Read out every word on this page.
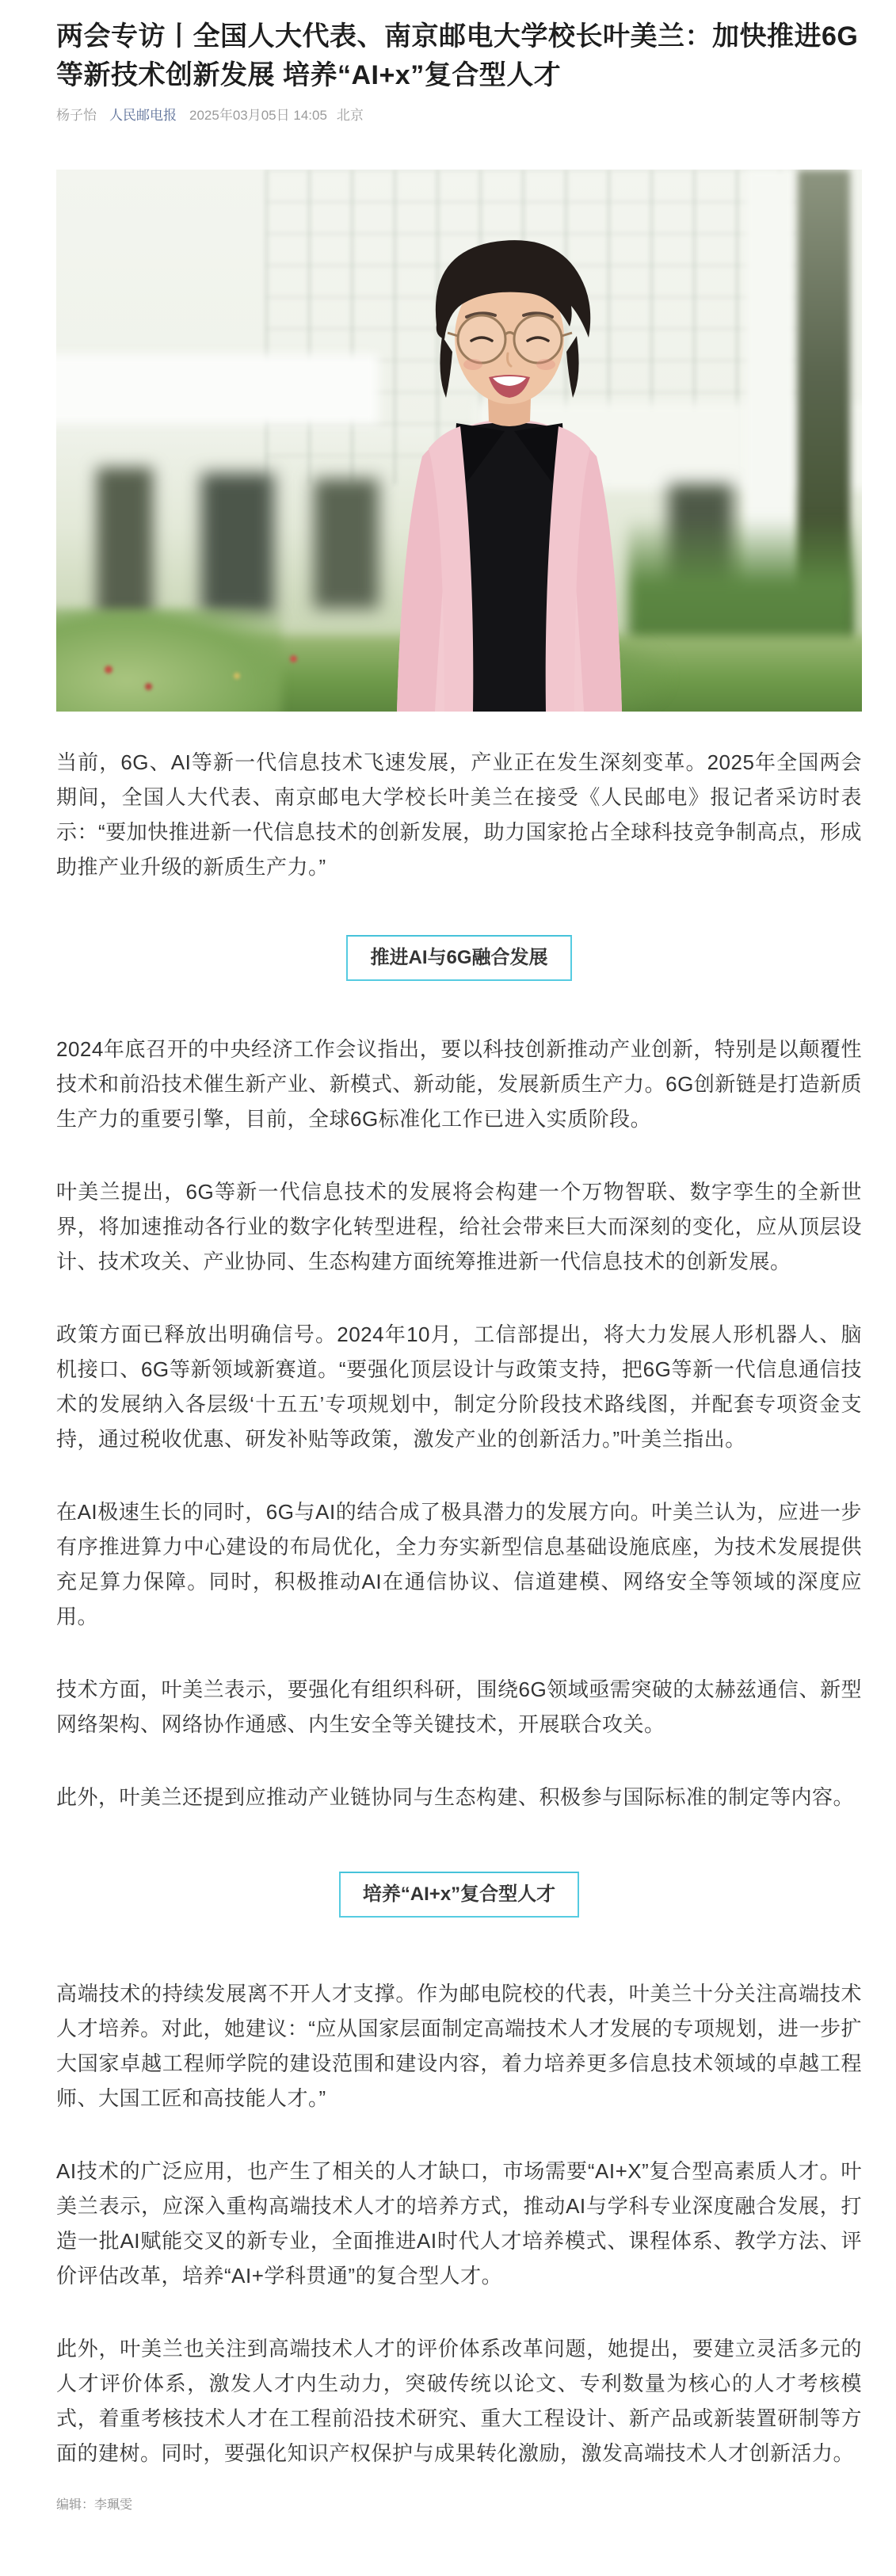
两会专访丨全国人大代表、南京邮电大学校长叶美兰：加快推进6G等新技术创新发展 培养“AI+x”复合型人才
杨子怡 人民邮电报 2025年03月05日 14:05 北京

当前，6G、AI等新一代信息技术飞速发展，产业正在发生深刻变革。2025年全国两会期间，全国人大代表、南京邮电大学校长叶美兰在接受《人民邮电》报记者采访时表示：“要加快推进新一代信息技术的创新发展，助力国家抢占全球科技竞争制高点，形成助推产业升级的新质生产力。”

推进AI与6G融合发展

2024年底召开的中央经济工作会议指出，要以科技创新推动产业创新，特别是以颠覆性技术和前沿技术催生新产业、新模式、新动能，发展新质生产力。6G创新链是打造新质生产力的重要引擎，目前，全球6G标准化工作已进入实质阶段。

叶美兰提出，6G等新一代信息技术的发展将会构建一个万物智联、数字孪生的全新世界，将加速推动各行业的数字化转型进程，给社会带来巨大而深刻的变化，应从顶层设计、技术攻关、产业协同、生态构建方面统筹推进新一代信息技术的创新发展。

政策方面已释放出明确信号。2024年10月，工信部提出，将大力发展人形机器人、脑机接口、6G等新领域新赛道。“要强化顶层设计与政策支持，把6G等新一代信息通信技术的发展纳入各层级‘十五五’专项规划中，制定分阶段技术路线图，并配套专项资金支持，通过税收优惠、研发补贴等政策，激发产业的创新活力。”叶美兰指出。

在AI极速生长的同时，6G与AI的结合成了极具潜力的发展方向。叶美兰认为，应进一步有序推进算力中心建设的布局优化，全力夯实新型信息基础设施底座，为技术发展提供充足算力保障。同时，积极推动AI在通信协议、信道建模、网络安全等领域的深度应用。

技术方面，叶美兰表示，要强化有组织科研，围绕6G领域亟需突破的太赫兹通信、新型网络架构、网络协作通感、内生安全等关键技术，开展联合攻关。

此外，叶美兰还提到应推动产业链协同与生态构建、积极参与国际标准的制定等内容。

培养“AI+x”复合型人才

高端技术的持续发展离不开人才支撑。作为邮电院校的代表，叶美兰十分关注高端技术人才培养。对此，她建议：“应从国家层面制定高端技术人才发展的专项规划，进一步扩大国家卓越工程师学院的建设范围和建设内容，着力培养更多信息技术领域的卓越工程师、大国工匠和高技能人才。”

AI技术的广泛应用，也产生了相关的人才缺口，市场需要“AI+X”复合型高素质人才。叶美兰表示，应深入重构高端技术人才的培养方式，推动AI与学科专业深度融合发展，打造一批AI赋能交叉的新专业，全面推进AI时代人才培养模式、课程体系、教学方法、评价评估改革，培养“AI+学科贯通”的复合型人才。

此外，叶美兰也关注到高端技术人才的评价体系改革问题，她提出，要建立灵活多元的人才评价体系，激发人才内生动力，突破传统以论文、专利数量为核心的人才考核模式，着重考核技术人才在工程前沿技术研究、重大工程设计、新产品或新装置研制等方面的建树。同时，要强化知识产权保护与成果转化激励，激发高端技术人才创新活力。

编辑：李珮雯
